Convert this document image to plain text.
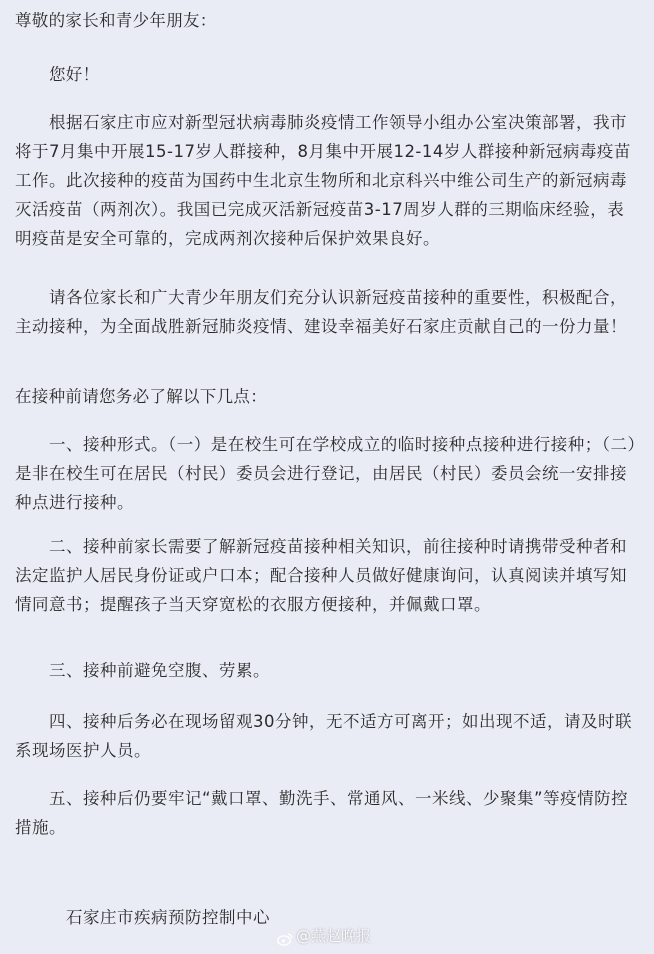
尊敬的家长和青少年朋友：
您好！
根据石家庄市应对新型冠状病毒肺炎疫情工作领导小组办公室决策部署，我市将于7月集中开展15-17岁人群接种，8月集中开展12-14岁人群接种新冠病毒疫苗工作。此次接种的疫苗为国药中生北京生物所和北京科兴中维公司生产的新冠病毒灭活疫苗（两剂次）。我国已完成灭活新冠疫苗3-17周岁人群的三期临床经验，表明疫苗是安全可靠的，完成两剂次接种后保护效果良好。
请各位家长和广大青少年朋友们充分认识新冠疫苗接种的重要性，积极配合，主动接种，为全面战胜新冠肺炎疫情、建设幸福美好石家庄贡献自己的一份力量！
在接种前请您务必了解以下几点：
一、接种形式。（一）是在校生可在学校成立的临时接种点接种进行接种；（二）是非在校生可在居民（村民）委员会进行登记，由居民（村民）委员会统一安排接种点进行接种。
二、接种前家长需要了解新冠疫苗接种相关知识，前往接种时请携带受种者和法定监护人居民身份证或户口本；配合接种人员做好健康询问，认真阅读并填写知情同意书；提醒孩子当天穿宽松的衣服方便接种，并佩戴口罩。
三、接种前避免空腹、劳累。
四、接种后务必在现场留观30分钟，无不适方可离开；如出现不适，请及时联系现场医护人员。
五、接种后仍要牢记“戴口罩、勤洗手、常通风、一米线、少聚集”等疫情防控措施。
石家庄市疾病预防控制中心
@燕赵晚报
